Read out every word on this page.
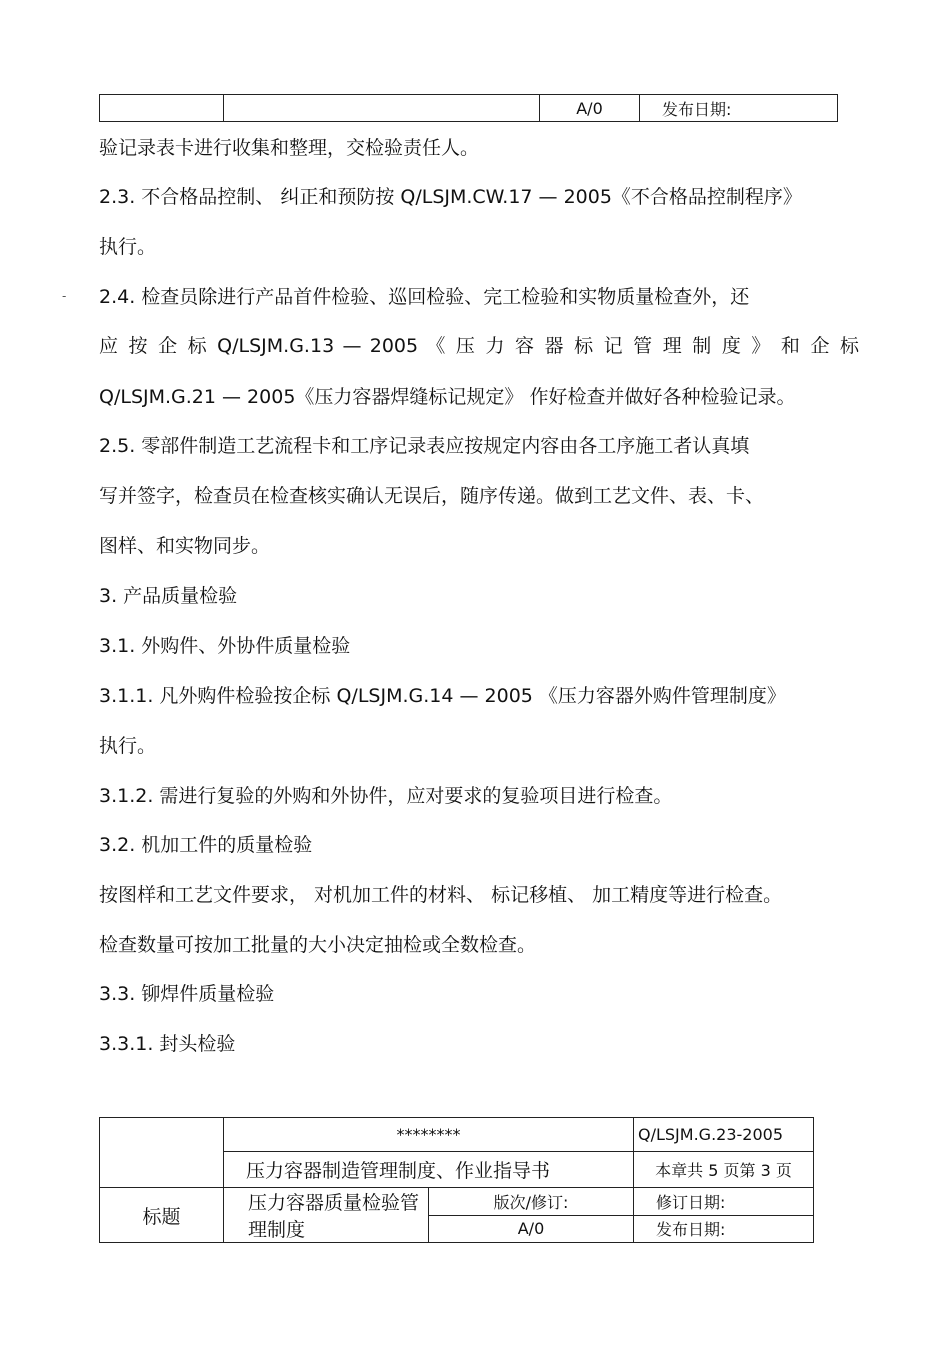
		A/0	发布日期:
-
验记录表卡进行收集和整理，交检验责任人。
2.3. 不合格品控制、 纠正和预防按 Q/LSJM.CW.17 — 2005《不合格品控制程序》
执行。
2.4. 检查员除进行产品首件检验、巡回检验、完工检验和实物质量检查外，还
应 按 企 标 Q/LSJM.G.13 — 2005 《 压 力 容 器 标 记 管 理 制 度 》 和 企 标
Q/LSJM.G.21 — 2005《压力容器焊缝标记规定》 作好检查并做好各种检验记录。
2.5. 零部件制造工艺流程卡和工序记录表应按规定内容由各工序施工者认真填
写并签字，检查员在检查核实确认无误后，随序传递。做到工艺文件、表、卡、
图样、和实物同步。
3. 产品质量检验
3.1. 外购件、外协件质量检验
3.1.1. 凡外购件检验按企标 Q/LSJM.G.14 — 2005 《压力容器外购件管理制度》
执行。
3.1.2. 需进行复验的外购和外协件，应对要求的复验项目进行检查。
3.2. 机加工件的质量检验
按图样和工艺文件要求， 对机加工件的材料、 标记移植、 加工精度等进行检查。
检查数量可按加工批量的大小决定抽检或全数检查。
3.3. 铆焊件质量检验
3.3.1. 封头检验
	********		Q/LSJM.G.23-2005
	压力容器制造管理制度、作业指导书		本章共 5 页第 3 页
标题	压力容器质量检验管理制度	版次/修订:	修订日期:
		A/0	发布日期:
